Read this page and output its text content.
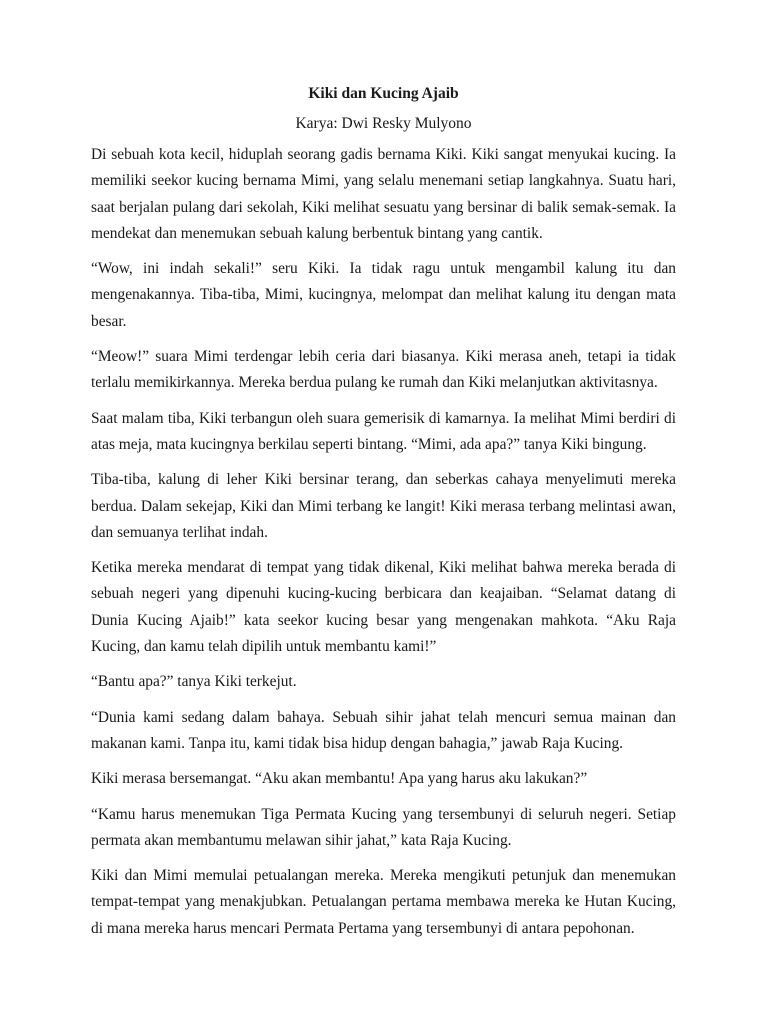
Kiki dan Kucing Ajaib
Karya: Dwi Resky Mulyono

Di sebuah kota kecil, hiduplah seorang gadis bernama Kiki. Kiki sangat menyukai kucing. Ia memiliki seekor kucing bernama Mimi, yang selalu menemani setiap langkahnya. Suatu hari, saat berjalan pulang dari sekolah, Kiki melihat sesuatu yang bersinar di balik semak-semak. Ia mendekat dan menemukan sebuah kalung berbentuk bintang yang cantik.

“Wow, ini indah sekali!” seru Kiki. Ia tidak ragu untuk mengambil kalung itu dan mengenakannya. Tiba-tiba, Mimi, kucingnya, melompat dan melihat kalung itu dengan mata besar.

“Meow!” suara Mimi terdengar lebih ceria dari biasanya. Kiki merasa aneh, tetapi ia tidak terlalu memikirkannya. Mereka berdua pulang ke rumah dan Kiki melanjutkan aktivitasnya.

Saat malam tiba, Kiki terbangun oleh suara gemerisik di kamarnya. Ia melihat Mimi berdiri di atas meja, mata kucingnya berkilau seperti bintang. “Mimi, ada apa?” tanya Kiki bingung.

Tiba-tiba, kalung di leher Kiki bersinar terang, dan seberkas cahaya menyelimuti mereka berdua. Dalam sekejap, Kiki dan Mimi terbang ke langit! Kiki merasa terbang melintasi awan, dan semuanya terlihat indah.

Ketika mereka mendarat di tempat yang tidak dikenal, Kiki melihat bahwa mereka berada di sebuah negeri yang dipenuhi kucing-kucing berbicara dan keajaiban. “Selamat datang di Dunia Kucing Ajaib!” kata seekor kucing besar yang mengenakan mahkota. “Aku Raja Kucing, dan kamu telah dipilih untuk membantu kami!”

“Bantu apa?” tanya Kiki terkejut.

“Dunia kami sedang dalam bahaya. Sebuah sihir jahat telah mencuri semua mainan dan makanan kami. Tanpa itu, kami tidak bisa hidup dengan bahagia,” jawab Raja Kucing.

Kiki merasa bersemangat. “Aku akan membantu! Apa yang harus aku lakukan?”

“Kamu harus menemukan Tiga Permata Kucing yang tersembunyi di seluruh negeri. Setiap permata akan membantumu melawan sihir jahat,” kata Raja Kucing.

Kiki dan Mimi memulai petualangan mereka. Mereka mengikuti petunjuk dan menemukan tempat-tempat yang menakjubkan. Petualangan pertama membawa mereka ke Hutan Kucing, di mana mereka harus mencari Permata Pertama yang tersembunyi di antara pepohonan.
